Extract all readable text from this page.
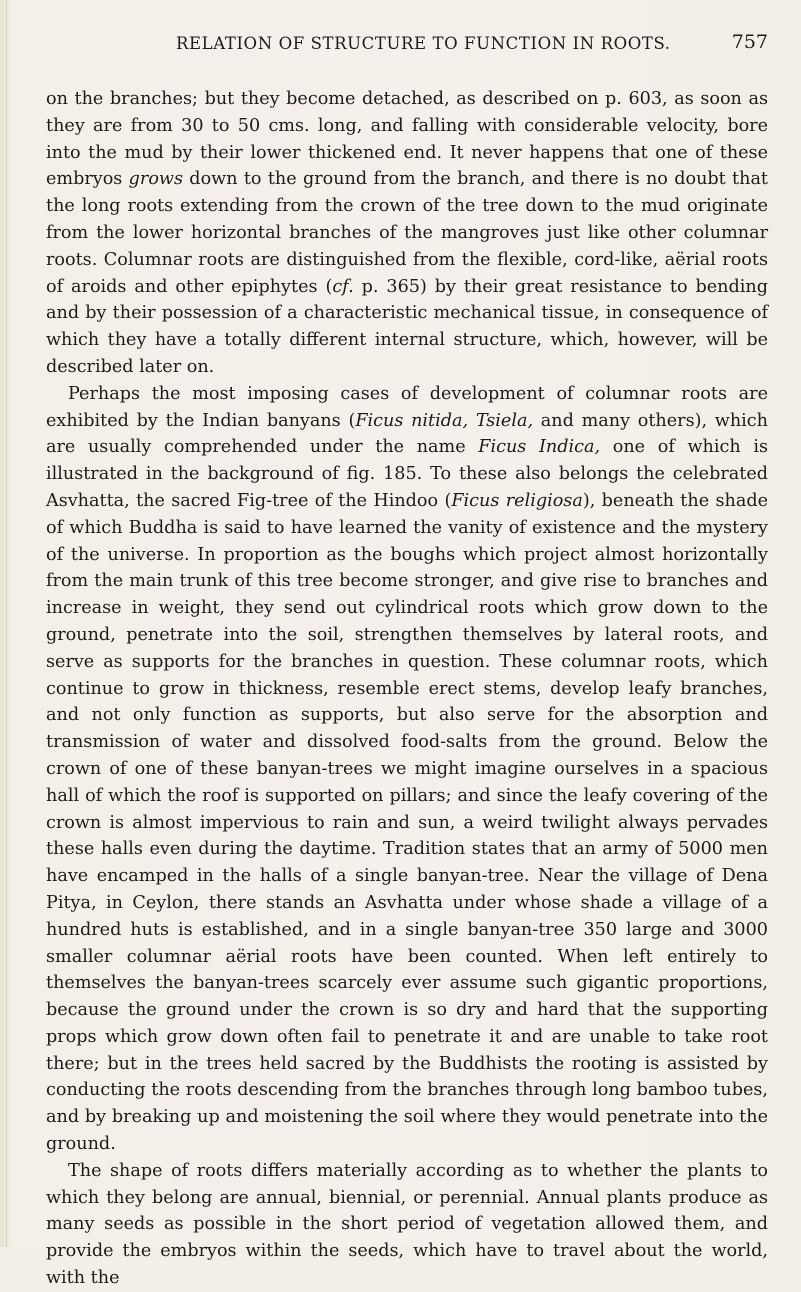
RELATION OF STRUCTURE TO FUNCTION IN ROOTS.	757

on the branches; but they become detached, as described on p. 603, as soon as they are from 30 to 50 cms. long, and falling with considerable velocity, bore into the mud by their lower thickened end. It never happens that one of these embryos grows down to the ground from the branch, and there is no doubt that the long roots extending from the crown of the tree down to the mud originate from the lower horizontal branches of the mangroves just like other columnar roots. Columnar roots are distinguished from the flexible, cord-like, aërial roots of aroids and other epiphytes (cf. p. 365) by their great resistance to bending and by their possession of a characteristic mechanical tissue, in consequence of which they have a totally different internal structure, which, however, will be described later on.

Perhaps the most imposing cases of development of columnar roots are exhibited by the Indian banyans (Ficus nitida, Tsiela, and many others), which are usually comprehended under the name Ficus Indica, one of which is illustrated in the background of fig. 185. To these also belongs the celebrated Asvhatta, the sacred Fig-tree of the Hindoo (Ficus religiosa), beneath the shade of which Buddha is said to have learned the vanity of existence and the mystery of the universe. In proportion as the boughs which project almost horizontally from the main trunk of this tree become stronger, and give rise to branches and increase in weight, they send out cylindrical roots which grow down to the ground, penetrate into the soil, strengthen themselves by lateral roots, and serve as supports for the branches in question. These columnar roots, which continue to grow in thickness, resemble erect stems, develop leafy branches, and not only function as supports, but also serve for the absorption and transmission of water and dissolved food-salts from the ground. Below the crown of one of these banyan-trees we might imagine ourselves in a spacious hall of which the roof is supported on pillars; and since the leafy covering of the crown is almost impervious to rain and sun, a weird twilight always pervades these halls even during the daytime. Tradition states that an army of 5000 men have encamped in the halls of a single banyan-tree. Near the village of Dena Pitya, in Ceylon, there stands an Asvhatta under whose shade a village of a hundred huts is established, and in a single banyan-tree 350 large and 3000 smaller columnar aërial roots have been counted. When left entirely to themselves the banyan-trees scarcely ever assume such gigantic proportions, because the ground under the crown is so dry and hard that the supporting props which grow down often fail to penetrate it and are unable to take root there; but in the trees held sacred by the Buddhists the rooting is assisted by conducting the roots descending from the branches through long bamboo tubes, and by breaking up and moistening the soil where they would penetrate into the ground.

The shape of roots differs materially according as to whether the plants to which they belong are annual, biennial, or perennial. Annual plants produce as many seeds as possible in the short period of vegetation allowed them, and provide the embryos within the seeds, which have to travel about the world, with the
